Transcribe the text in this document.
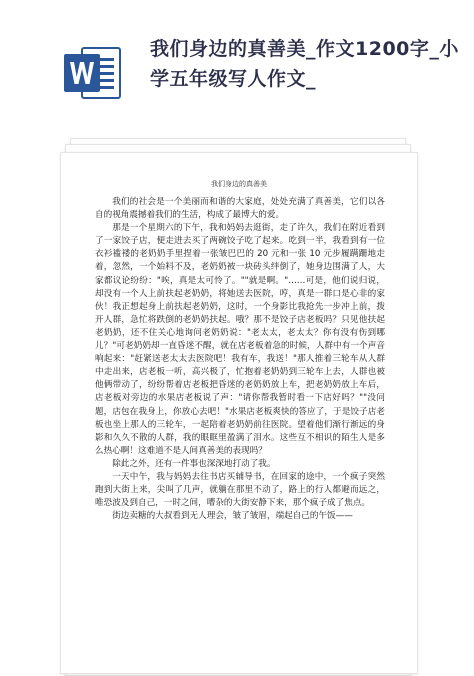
我们身边的真善美_作文1200字_小学五年级写人作文_
我们身边的真善美

我们的社会是一个美丽而和谐的大家庭，处处充满了真善美，它们以各自的视角震撼着我们的生活，构成了最博大的爱。

那是一个星期六的下午，我和妈妈去逛街，走了许久，我们在附近看到了一家饺子店，便走进去买了两碗饺子吃了起来。吃到一半，我看到有一位衣衫褴褛的老奶奶手里捏着一张皱巴巴的 20 元和一张 10 元步履蹒跚地走着，忽然，一个始料不及，老奶奶被一块砖头绊倒了，她身边围满了人，大家都议论纷纷："唉，真是太可怜了。""就是啊。"……可是，他们说归说，却没有一个人上前扶起老奶奶，将她送去医院，哼，真是一群口是心非的家伙！我正想起身上前扶起老奶奶，这时，一个身影比我抢先一步冲上前，拨开人群，急忙将跌倒的老奶奶扶起。哦？那不是饺子店老板吗？只见他扶起老奶奶，还不住关心地询问老奶奶说："老太太，老太太？你有没有伤到哪儿？"可老奶奶却一直昏迷不醒，就在店老板着急的时候，人群中有一个声音响起来："赶紧送老太太去医院吧！我有车，我送！"那人推着三轮车从人群中走出来，店老板一听，高兴极了，忙抱着老奶奶到三轮车上去，人群也被他俩带动了，纷纷帮着店老板把昏迷的老奶奶放上车，把老奶奶放上车后，店老板对旁边的水果店老板说了声："请你帮我暂时看一下店好吗？""没问题，店包在我身上，你放心去吧！"水果店老板爽快的答应了，于是饺子店老板也坐上那人的三轮车，一起陪着老奶奶前往医院。望着他们渐行渐远的身影和久久不散的人群，我的眼眶里盈满了泪水。这些互不相识的陌生人是多么热心啊！这难道不是人间真善美的表现吗？

除此之外，还有一件事也深深地打动了我。

一天中午，我与妈妈去往书店买辅导书，在回家的途中，一个疯子突然跑到大街上来，尖叫了几声，就躺在那里不动了，路上的行人都避而远之，唯恐波及到自己，一时之间，嘈杂的大街安静下来，那个疯子成了焦点。

街边卖糖的大叔看到无人理会，皱了皱眉，端起自己的午饭——
